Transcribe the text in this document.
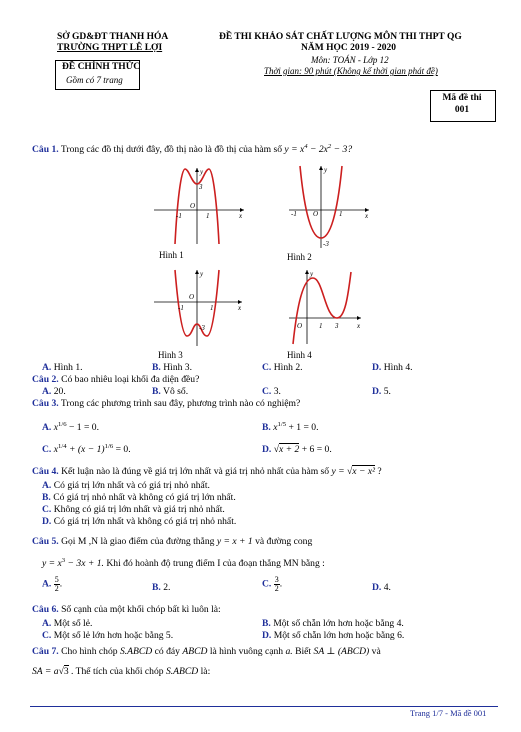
SỞ GD&ĐT THANH HÓA
TRƯỜNG THPT LÊ LỢI
ĐỀ CHÍNH THỨC
Gồm có 7 trang
ĐỀ THI KHẢO SÁT CHẤT LƯỢNG MÔN THI THPT QG
NĂM HỌC 2019 - 2020
Môn: TOÁN - Lớp 12
Thời gian: 90 phút (Không kể thời gian phát đề)
Mã đề thi
001
Câu 1. Trong các đồ thị dưới đây, đồ thị nào là đồ thị của hàm số $y = x^4 - 2x^2 - 3$?
y
x
O
-1	1
3
Hình 1
y
x
O
-1	1
-3
Hình 2
y
x
O
-1	1
-3
Hình 3
y
x
O 1 3
Hình 4
A. Hình 1.	B. Hình 3.	C. Hình 2.	D. Hình 4.
Câu 2. Có bao nhiêu loại khối đa diện đều?
A. 20.	B. Vô số.	C. 3.	D. 5.
Câu 3. Trong các phương trình sau đây, phương trình nào có nghiệm?
A. $x^{1/6} - 1 = 0$.	B. $x^{1/5} + 1 = 0$.
C. $x^{1/4} + (x - 1)^{1/6} = 0$.	D. √x + 2 + 6 = 0.
Câu 4. Kết luận nào là đúng về giá trị lớn nhất và giá trị nhỏ nhất của hàm số y = √x − x² ?
A. Có giá trị lớn nhất và có giá trị nhỏ nhất.
B. Có giá trị nhỏ nhất và không có giá trị lớn nhất.
C. Không có giá trị lớn nhất và giá trị nhỏ nhất.
D. Có giá trị lớn nhất và không có giá trị nhỏ nhất.
Câu 5. Gọi M ,N là giao điểm của đường thẳng y = x + 1 và đường cong
$y = x^3 - 3x + 1$. Khi đó hoành độ trung điểm I của đoạn thẳng MN bằng :
A. $\frac{5}{2}$ .	B. 2.	C. $\frac{3}{2}$ .	D. 4.
Câu 6. Số cạnh của một khối chóp bất kì luôn là:
A. Một số lẻ.	B. Một số chẵn lớn hơn hoặc bằng 4.
C. Một số lẻ lớn hơn hoặc bằng 5.	D. Một số chẵn lớn hơn hoặc bằng 6.
Câu 7. Cho hình chóp S.ABCD có đáy ABCD là hình vuông cạnh a. Biết SA ⊥ (ABCD) và
SA = a√3 . Thể tích của khối chóp S.ABCD là:
Trang 1/7 - Mã đề 001
